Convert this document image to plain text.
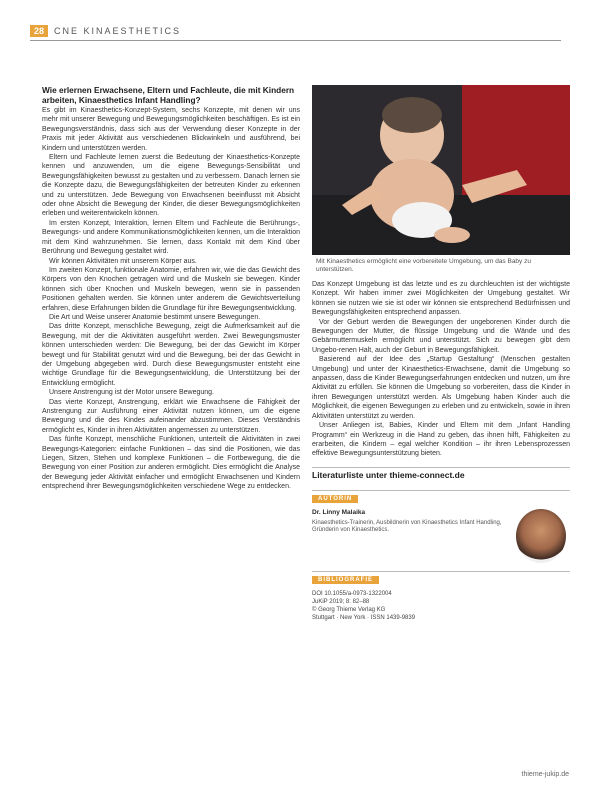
28	CNE KINAESTHETICS
Wie erlernen Erwachsene, Eltern und Fachleute, die mit Kindern arbeiten, Kinaesthetics Infant Handling?

Es gibt im Kinaesthetics-Konzept-System, sechs Konzepte, mit denen wir uns mehr mit unserer Bewegung und Bewegungsmöglichkeiten beschäftigen. Es ist ein Bewegungsverständnis, dass sich aus der Verwendung dieser Konzepte in der Praxis mit jeder Aktivität aus verschiedenen Blickwinkeln und ausführend, bei Kindern und unterstützen werden.

Eltern und Fachleute lernen zuerst die Bedeutung der Kinaesthetics-Konzepte kennen und anzuwenden, um die eigene Bewegungs-Sensibilität und Bewegungsfähigkeiten bewusst zu gestalten und zu verbessern. Danach lernen sie die Konzepte dazu, die Bewegungsfähigkeiten der betreuten Kinder zu erkennen und zu unterstützen. Jede Bewegung von Erwachsenen beeinflusst mit Absicht oder ohne Absicht die Bewegung der Kinder, die dieser Bewegungsmöglichkeiten erleben und weiterentwickeln können.

Im ersten Konzept, Interaktion, lernen Eltern und Fachleute die Berührungs-, Bewegungs- und andere Kommunikationsmöglichkeiten kennen, um die Interaktion mit dem Kind wahrzunehmen. Sie lernen, dass Kontakt mit dem Kind über Berührung und Bewegung gestaltet wird.

Wir können Aktivitäten mit unserem Körper aus.

Im zweiten Konzept, funktionale Anatomie, erfahren wir, wie die das Gewicht des Körpers von den Knochen getragen wird und die Muskeln sie bewegen. Kinder können sich über Knochen und Muskeln bewegen, wenn sie in passenden Positionen gehalten werden. Sie können unter anderem die Gewichtsverteilung erfahren, diese Erfahrungen bilden die Grundlage für ihre Bewegungsentwicklung.

Die Art und Weise unserer Anatomie bestimmt unsere Bewegungen.

Das dritte Konzept, menschliche Bewegung, zeigt die Aufmerksamkeit auf die Bewegung, mit der die Aktivitäten ausgeführt werden. Zwei Bewegungsmuster können unterschieden werden: Die Bewegung, bei der das Gewicht im Körper bewegt und für Stabilität genutzt wird und die Bewegung, bei der das Gewicht in der Umgebung abgegeben wird. Durch diese Bewegungsmuster entsteht eine wichtige Grundlage für die Bewegungsentwicklung, die Unterstützung bei der Entwicklung ermöglicht.

Unsere Anstrengung ist der Motor unsere Bewegung.

Das vierte Konzept, Anstrengung, erklärt wie Erwachsene die Fähigkeit der Anstrengung zur Ausführung einer Aktivität nutzen können, um die eigene Bewegung und die des Kindes aufeinander abzustimmen. Dieses Verständnis ermöglicht es, Kinder in ihren Aktivitäten angemessen zu unterstützen.

Das fünfte Konzept, menschliche Funktionen, unterteilt die Aktivitäten in zwei Bewegungs-Kategorien: einfache Funktionen – das sind die Positionen, wie das Liegen, Sitzen, Stehen und komplexe Funktionen – die Fortbewegung, die die Bewegung von einer Position zur anderen ermöglicht. Dies ermöglicht die Analyse der Bewegung jeder Aktivität einfacher und ermöglicht Erwachsenen und Kindern entsprechend ihrer Bewegungsmöglichkeiten verschiedene Wege zu entdecken.

Mit Kinaesthetics ermöglicht eine vorbereitete Umgebung, um das Baby zu unterstützen.

Das Konzept Umgebung ist das letzte und es zu durchleuchten ist der wichtigste Konzept. Wir haben immer zwei Möglichkeiten der Umgebung gestaltet. Wir können sie nutzen wie sie ist oder wir können sie entsprechend Bedürfnissen und Bewegungsfähigkeiten entsprechend anpassen.

Vor der Geburt werden die Bewegungen der ungeborenen Kinder durch die Bewegungen der Mutter, die flüssige Umgebung und die Wände und des Gebärmuttermuskeln ermöglicht und unterstützt. Sich zu bewegen gibt dem Ungebo-renen Halt, auch der Geburt in Bewegungsfähigkeit.

Basierend auf der Idee des „Startup Gestaltung“ (Menschen gestalten Umgebung) und unter der Kinaesthetics-Erwachsene, damit die Umgebung so anpassen, dass die Kinder Bewegungserfahrungen entdecken und nutzen, um ihre Aktivität zu erfüllen. Sie können die Umgebung so vorbereiten, dass die Kinder in ihren Bewegungen unterstützt werden. Als Umgebung haben Kinder auch die Möglichkeit, die eigenen Bewegungen zu erleben und zu entwickeln, sowie in ihren Aktivitäten unterstützt zu werden.

Unser Anliegen ist, Babies, Kinder und Eltern mit dem „Infant Handling Programm“ ein Werkzeug in die Hand zu geben, das ihnen hilft, Fähigkeiten zu erarbeiten, die Kindern – egal welcher Kondition – ihr ihren Lebensprozessen effektive Bewegungsunterstützung bieten.

Literaturliste unter thieme-connect.de
AUTORIN
Dr. Linny Malaika
Kinaesthetics-Trainerin, Ausbildnerin von Kinaesthetics Infant Handling, Gründerin von Kinaesthetics.
BIBLIOGRAFIE
DOI 10.1055/a-0973-1322004
JuKiP 2019; 8: 82–88
© Georg Thieme Verlag KG
Stuttgart · New York · ISSN 1439-9839
thieme-jukip.de
